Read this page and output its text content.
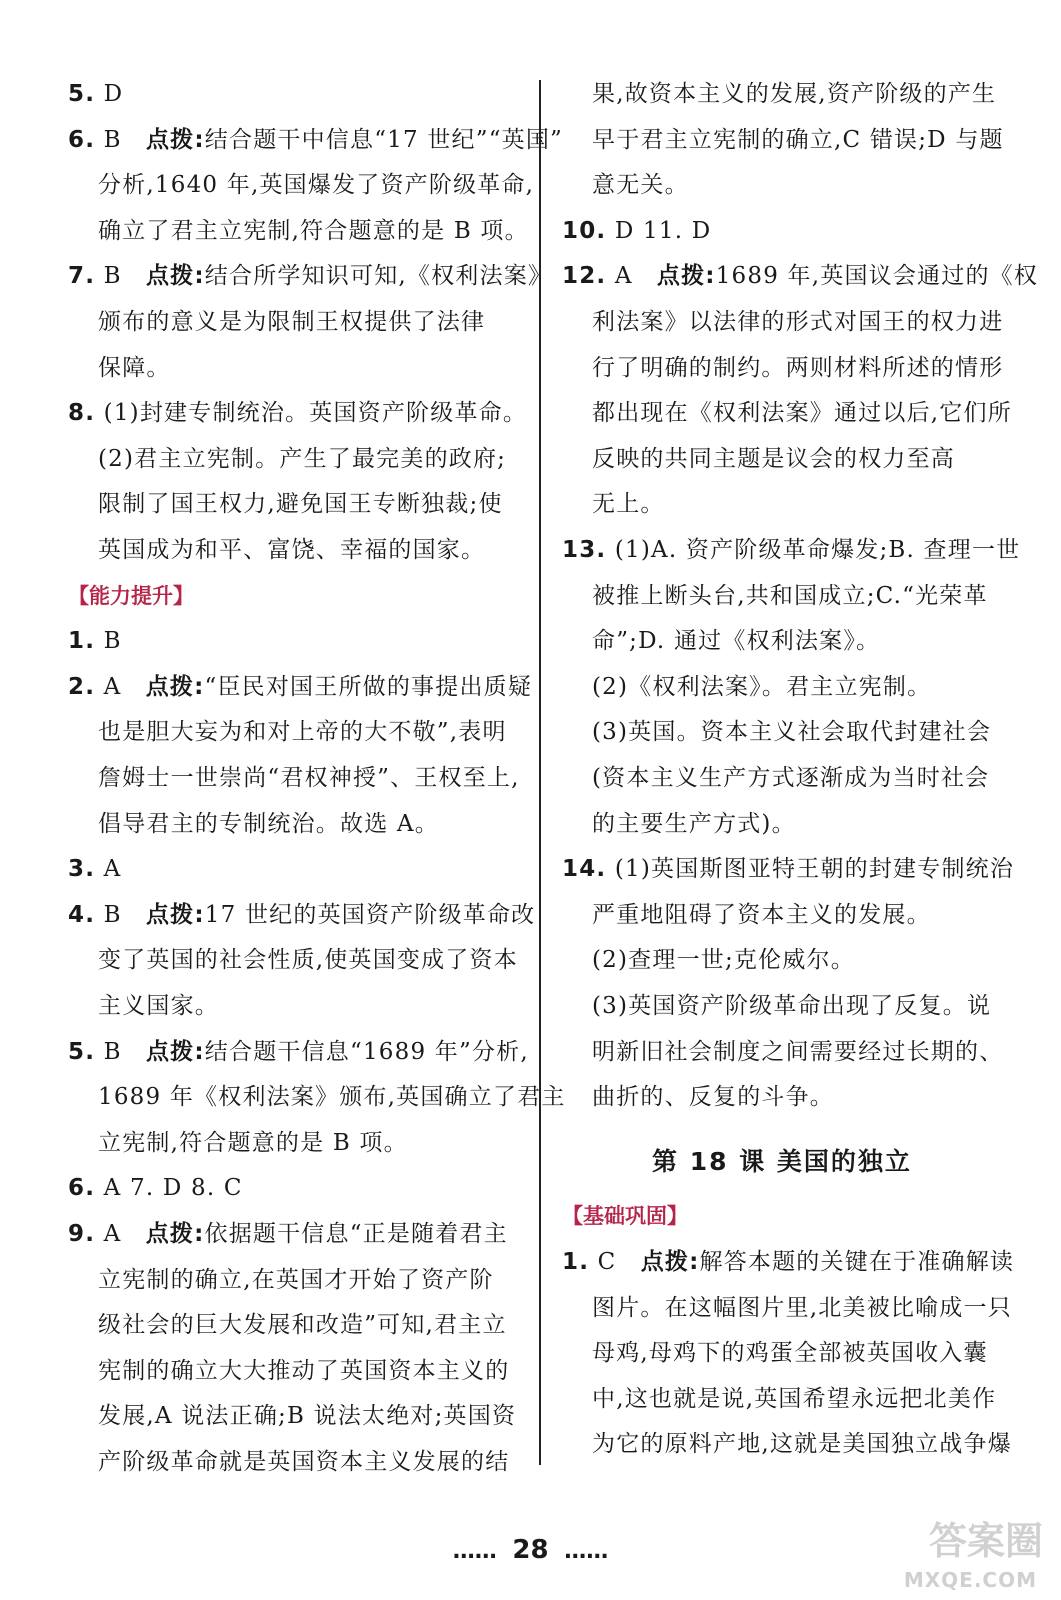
5. D
6. B  点拨:结合题干中信息“17 世纪”“英国”
分析,1640 年,英国爆发了资产阶级革命,
确立了君主立宪制,符合题意的是 B 项。
7. B  点拨:结合所学知识可知,《权利法案》
颁布的意义是为限制王权提供了法律
保障。
8. (1)封建专制统治。英国资产阶级革命。
(2)君主立宪制。产生了最完美的政府;
限制了国王权力,避免国王专断独裁;使
英国成为和平、富饶、幸福的国家。
【能力提升】
1. B
2. A  点拨:“臣民对国王所做的事提出质疑
也是胆大妄为和对上帝的大不敬”,表明
詹姆士一世崇尚“君权神授”、王权至上,
倡导君主的专制统治。故选 A。
3. A
4. B  点拨:17 世纪的英国资产阶级革命改
变了英国的社会性质,使英国变成了资本
主义国家。
5. B  点拨:结合题干信息“1689 年”分析,
1689 年《权利法案》颁布,英国确立了君主
立宪制,符合题意的是 B 项。
6. A 7. D 8. C
9. A  点拨:依据题干信息“正是随着君主
立宪制的确立,在英国才开始了资产阶
级社会的巨大发展和改造”可知,君主立
宪制的确立大大推动了英国资本主义的
发展,A 说法正确;B 说法太绝对;英国资
产阶级革命就是英国资本主义发展的结
果,故资本主义的发展,资产阶级的产生
早于君主立宪制的确立,C 错误;D 与题
意无关。
10. D 11. D
12. A  点拨:1689 年,英国议会通过的《权
利法案》以法律的形式对国王的权力进
行了明确的制约。两则材料所述的情形
都出现在《权利法案》通过以后,它们所
反映的共同主题是议会的权力至高
无上。
13. (1)A. 资产阶级革命爆发;B. 查理一世
被推上断头台,共和国成立;C.“光荣革
命”;D. 通过《权利法案》。
(2)《权利法案》。君主立宪制。
(3)英国。资本主义社会取代封建社会
(资本主义生产方式逐渐成为当时社会
的主要生产方式)。
14. (1)英国斯图亚特王朝的封建专制统治
严重地阻碍了资本主义的发展。
(2)查理一世;克伦威尔。
(3)英国资产阶级革命出现了反复。说
明新旧社会制度之间需要经过长期的、
曲折的、反复的斗争。
第 18 课 美国的独立
【基础巩固】
1. C  点拨:解答本题的关键在于准确解读
图片。在这幅图片里,北美被比喻成一只
母鸡,母鸡下的鸡蛋全部被英国收入囊
中,这也就是说,英国希望永远把北美作
为它的原料产地,这就是美国独立战争爆
…… 28 ……	答案圈
MXQE.COM
